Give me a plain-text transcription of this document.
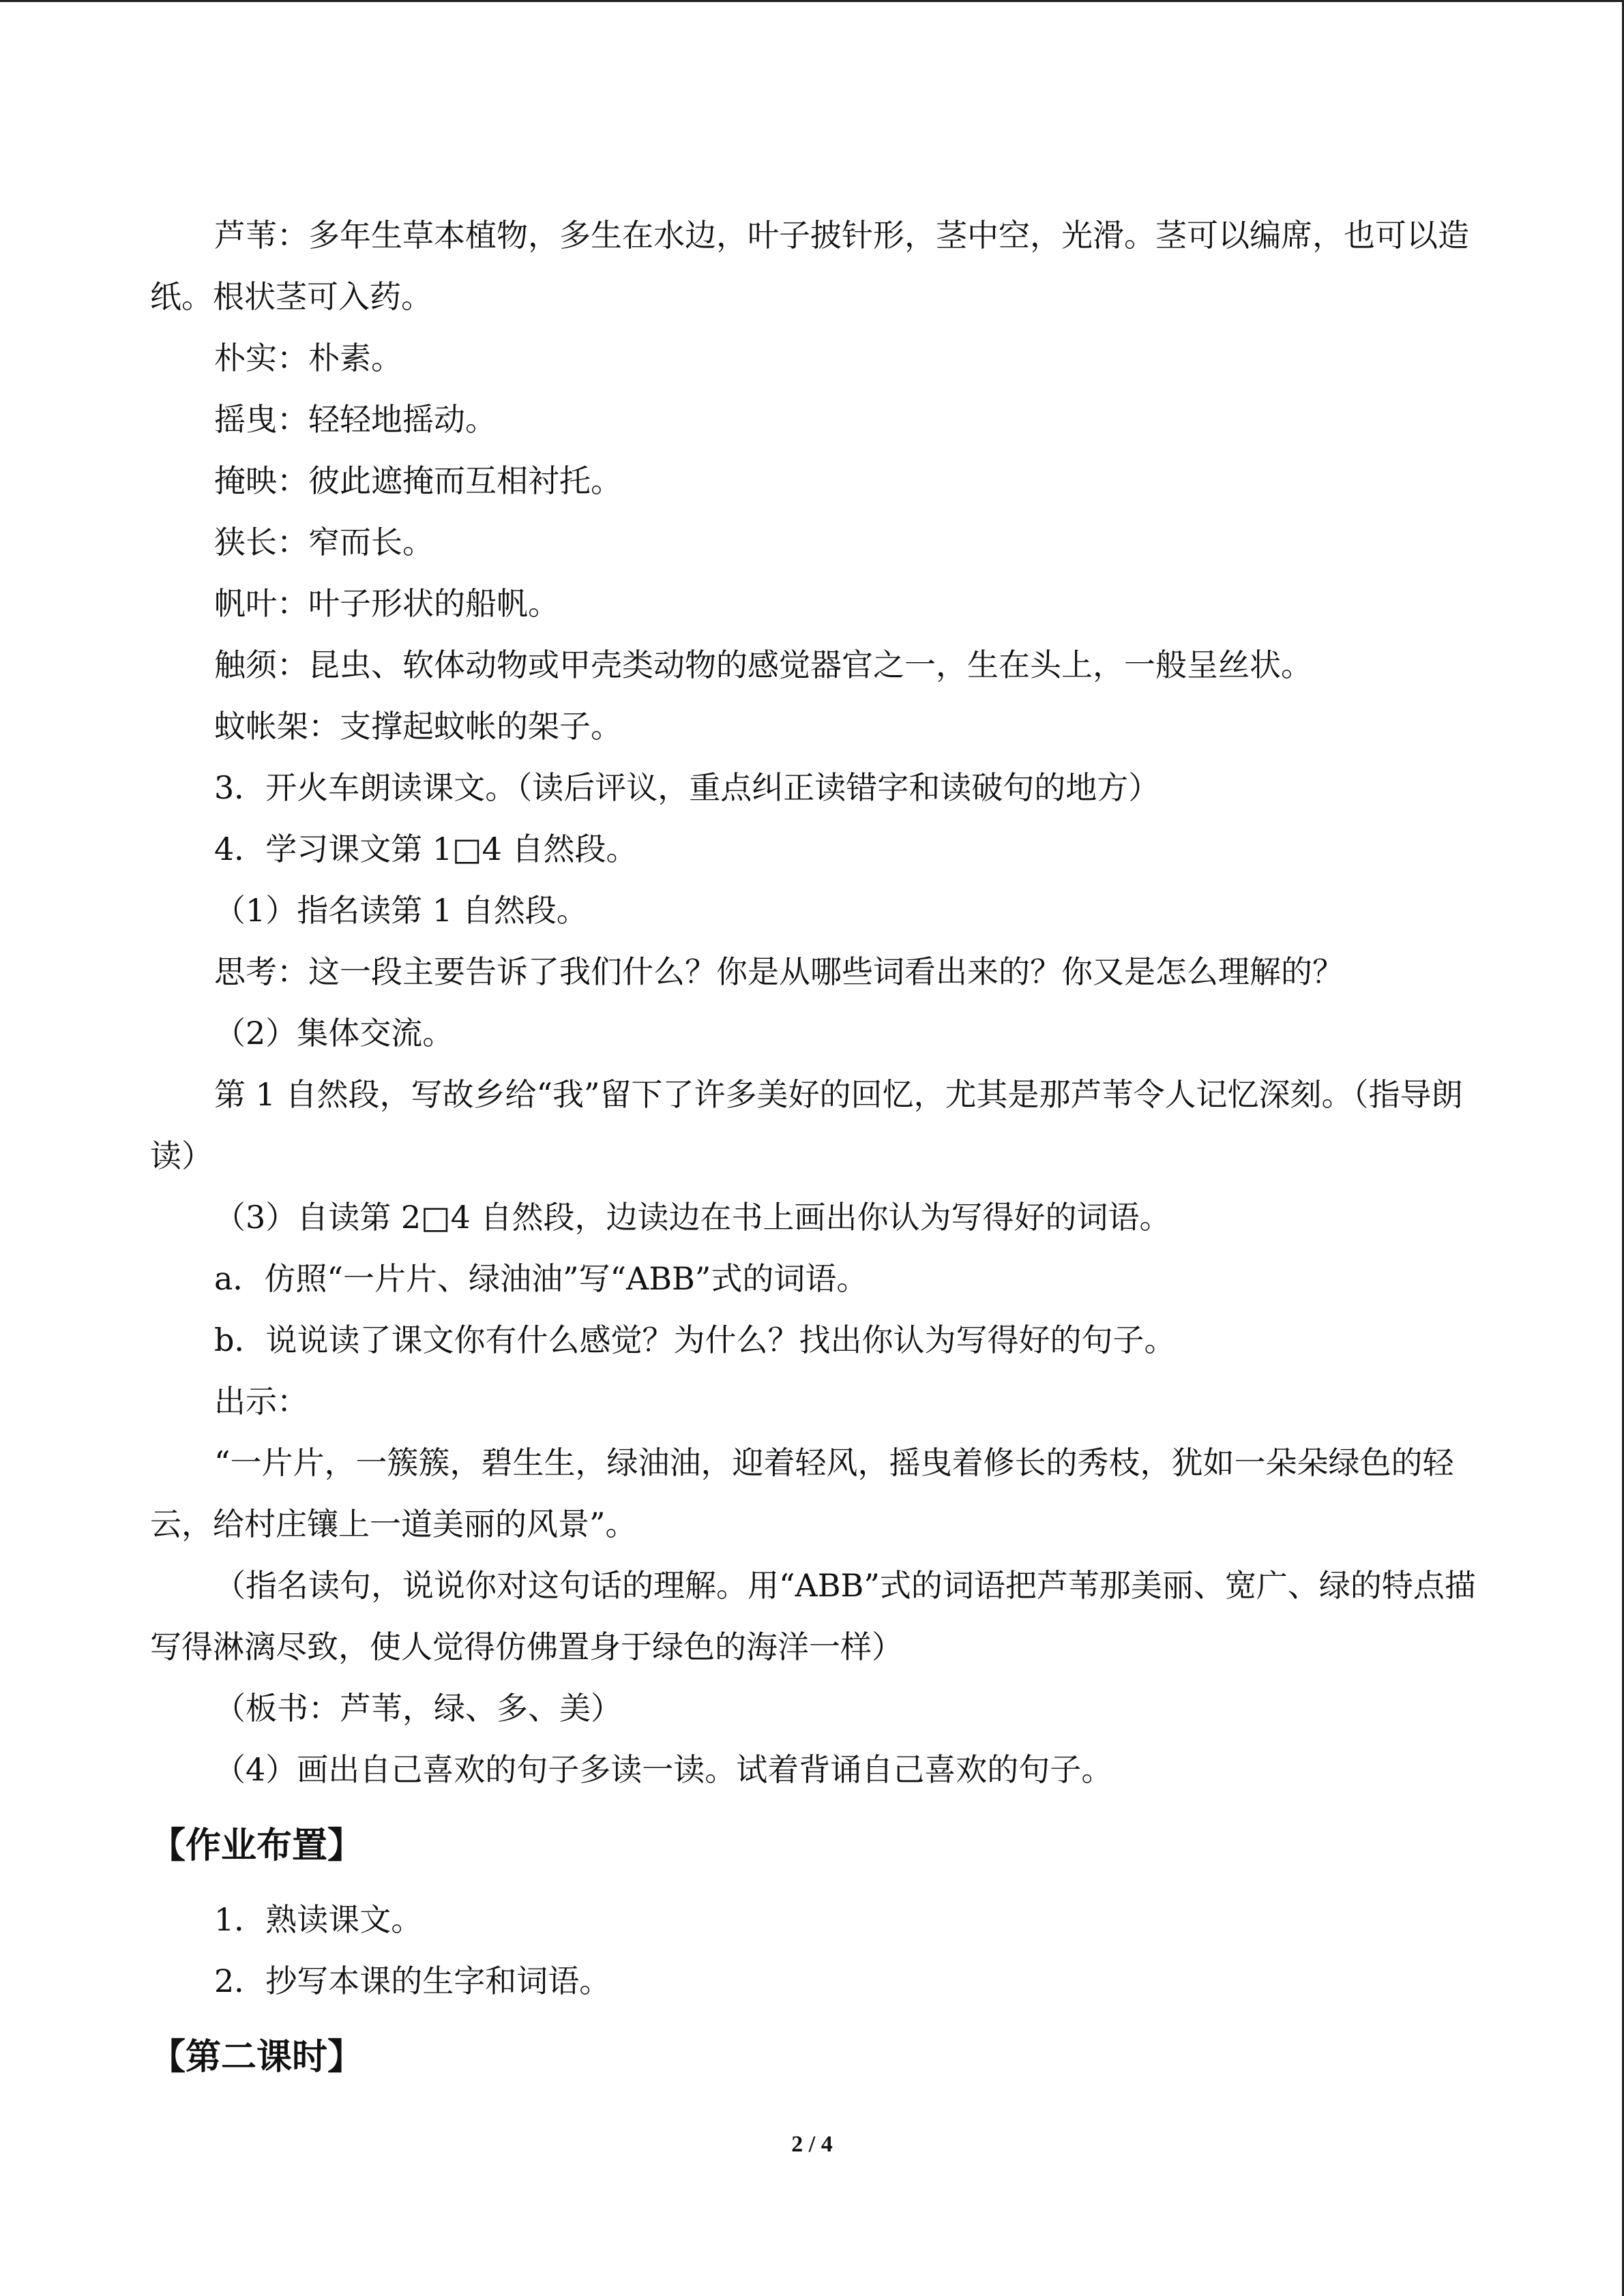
芦苇：多年生草本植物，多生在水边，叶子披针形，茎中空，光滑。茎可以编席，也可以造纸。根状茎可入药。
朴实：朴素。
摇曳：轻轻地摇动。
掩映：彼此遮掩而互相衬托。
狭长：窄而长。
帆叶：叶子形状的船帆。
触须：昆虫、软体动物或甲壳类动物的感觉器官之一，生在头上，一般呈丝状。
蚊帐架：支撑起蚊帐的架子。
3．开火车朗读课文。（读后评议，重点纠正读错字和读破句的地方）
4．学习课文第 1□4 自然段。
（1）指名读第 1 自然段。
思考：这一段主要告诉了我们什么？你是从哪些词看出来的？你又是怎么理解的？
（2）集体交流。
第 1 自然段，写故乡给“我”留下了许多美好的回忆，尤其是那芦苇令人记忆深刻。（指导朗读）
（3）自读第 2□4 自然段，边读边在书上画出你认为写得好的词语。
a．仿照“一片片、绿油油”写“ABB”式的词语。
b．说说读了课文你有什么感觉？为什么？找出你认为写得好的句子。
出示：
“一片片，一簇簇，碧生生，绿油油，迎着轻风，摇曳着修长的秀枝，犹如一朵朵绿色的轻云，给村庄镶上一道美丽的风景”。
（指名读句，说说你对这句话的理解。用“ABB”式的词语把芦苇那美丽、宽广、绿的特点描写得淋漓尽致，使人觉得仿佛置身于绿色的海洋一样）
（板书：芦苇，绿、多、美）
（4）画出自己喜欢的句子多读一读。试着背诵自己喜欢的句子。
【作业布置】
1．熟读课文。
2．抄写本课的生字和词语。
【第二课时】
2 / 4
